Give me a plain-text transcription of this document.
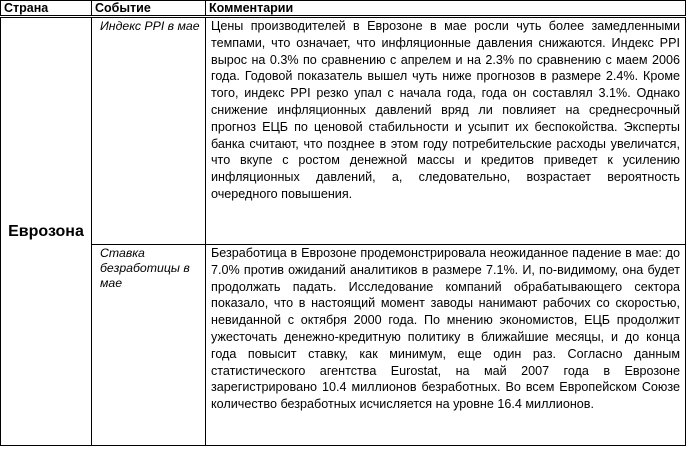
Страна	Событие	Комментарии
Еврозона	Индекс PPI в мае	Цены производителей в Еврозоне в мае росли чуть более замедленными темпами, что означает, что инфляционные давления снижаются. Индекс PPI вырос на 0.3% по сравнению с апрелем и на 2.3% по сравнению с маем 2006 года. Годовой показатель вышел чуть ниже прогнозов в размере 2.4%. Кроме того, индекс PPI резко упал с начала года, года он составлял 3.1%. Однако снижение инфляционных давлений вряд ли повлияет на среднесрочный прогноз ЕЦБ по ценовой стабильности и усыпит их беспокойства. Эксперты банка считают, что позднее в этом году потребительские расходы увеличатся, что вкупе с ростом денежной массы и кредитов приведет к усилению инфляционных давлений, а, следовательно, возрастает вероятность очередного повышения.

	Ставка безработицы в мае	Безработица в Еврозоне продемонстрировала неожиданное падение в мае: до 7.0% против ожиданий аналитиков в размере 7.1%. И, по-видимому, она будет продолжать падать. Исследование компаний обрабатывающего сектора показало, что в настоящий момент заводы нанимают рабочих со скоростью, невиданной с октября 2000 года. По мнению экономистов, ЕЦБ продолжит ужесточать денежно-кредитную политику в ближайшие месяцы, и до конца года повысит ставку, как минимум, еще один раз. Согласно данным статистического агентства Eurostat, на май 2007 года в Еврозоне зарегистрировано 10.4 миллионов безработных. Во всем Европейском Союзе количество безработных исчисляется на уровне 16.4 миллионов.
